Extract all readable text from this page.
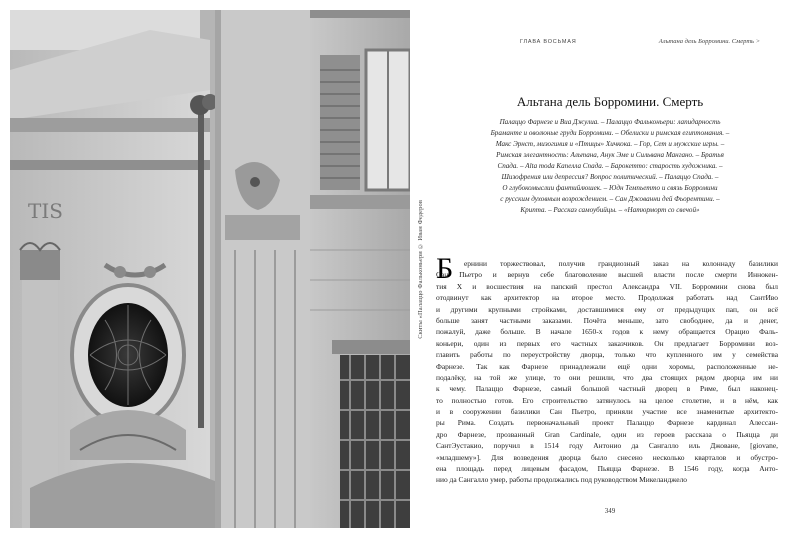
TIS	Скиты «Палаццо Фальконьери © Иван Федеров
ГЛАВА ВОСЬМАЯ	Альтана дель Борромини. Смерть >
Альтана дель Борромини. Смерть
Палаццо Фарнезе и Виа Джулиа. – Палаццо Фальконьери: лапидарность
Браманте и оволюные груди Борромини. – Обелиски и римская египтомания. –
Макс Эрнст, мизогиния и «Птицы» Хичкока. – Гор, Сет и мужские игры. –
Римская элегантность: Альтана, Анук Эме и Сильвана Мангано. – Братья
Спада. – Alta moda Капелла Спада. – Барокетто: старость художника. –
Шизофрения или депрессия? Вопрос политический. – Палаццо Спада. –
О глубокомыслии фантийлюшек. – Юдн Темпьетто и связь Борромини
с русским духовным возрождением. – Сан Джованни дей Фьорентини. –
Крипта. – Рассказ самоубийцы. – «Натюрморт со свечой»
Б	ернини торжествовал, получив грандиозный заказ на колоннаду базилики
Сан Пьетро и вернув себе благоволение высшей власти после смерти Иннокен-
тия Х и восшествия на папский престол Александра VII. Борромини снова был
отодвинут как архитектор на второе место. Продолжая работать над СантИво
и другими крупными стройками, доставшимися ему от предыдущих пап, он всё
больше занят частными заказами. Почёта меньше, зато свободнее, да и денег,
пожалуй, даже больше. В начале 1650-х годов к нему обращается Орацио Фаль-
коньери, один из первых его частных заказчиков. Он предлагает Борромини воз-
главить работы по переустройству дворца, только что купленного им у семейства
Фарнезе. Так как Фарнезе принадлежали ещё одни хоромы, расположенные не-
подалёку, на той же улице, то они решили, что два стоящих рядом дворца им ни
к чему. Палаццо Фарнезе, самый большой частный дворец в Риме, был наконец-
то полностью готов. Его строительство затянулось на целое столетие, и в нём, как
и в сооружении базилики Сан Пьетро, приняли участие все знаменитые архитекто-
ры Рима. Создать первоначальный проект Палаццо Фарнезе кардинал Алессан-
дро Фарнезе, прозванный Gran Cardinale, один из героев рассказа о Пьяцца ди
СантЭустакио, поручил в 1514 году Антонио да Сангалло иль Джоване, [giovane,
«младшему»]. Для возведения дворца было снесено несколько кварталов и обустро-
ена площадь перед лицевым фасадом, Пьяцца Фарнезе. В 1546 году, когда Анто-
нио да Сангалло умер, работы продолжались под руководством Микеланджело
349
